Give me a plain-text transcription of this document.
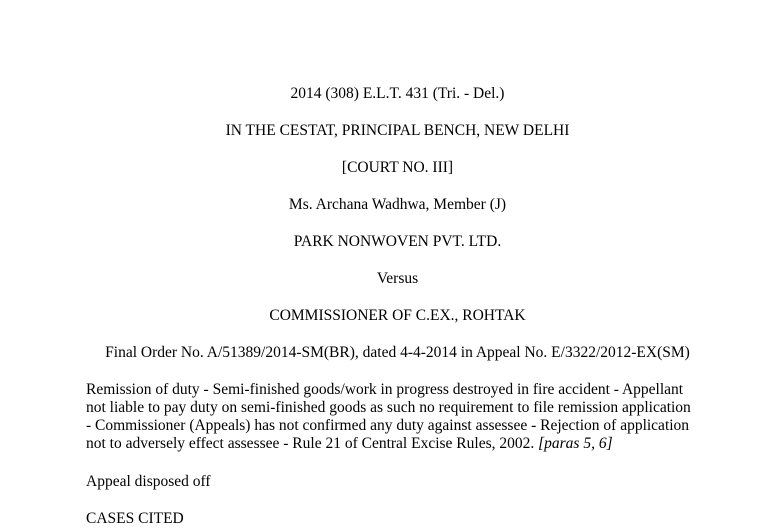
2014 (308) E.L.T. 431 (Tri. - Del.)
IN THE CESTAT, PRINCIPAL BENCH, NEW DELHI
[COURT NO. III]
Ms. Archana Wadhwa, Member (J)
PARK NONWOVEN PVT. LTD.
Versus
COMMISSIONER OF C.EX., ROHTAK
Final Order No. A/51389/2014-SM(BR), dated 4-4-2014 in Appeal No. E/3322/2012-EX(SM)
Remission of duty - Semi-finished goods/work in progress destroyed in fire accident - Appellant
not liable to pay duty on semi-finished goods as such no requirement to file remission application
- Commissioner (Appeals) has not confirmed any duty against assessee - Rejection of application
not to adversely effect assessee - Rule 21 of Central Excise Rules, 2002. [paras 5, 6]
Appeal disposed off
CASES CITED
